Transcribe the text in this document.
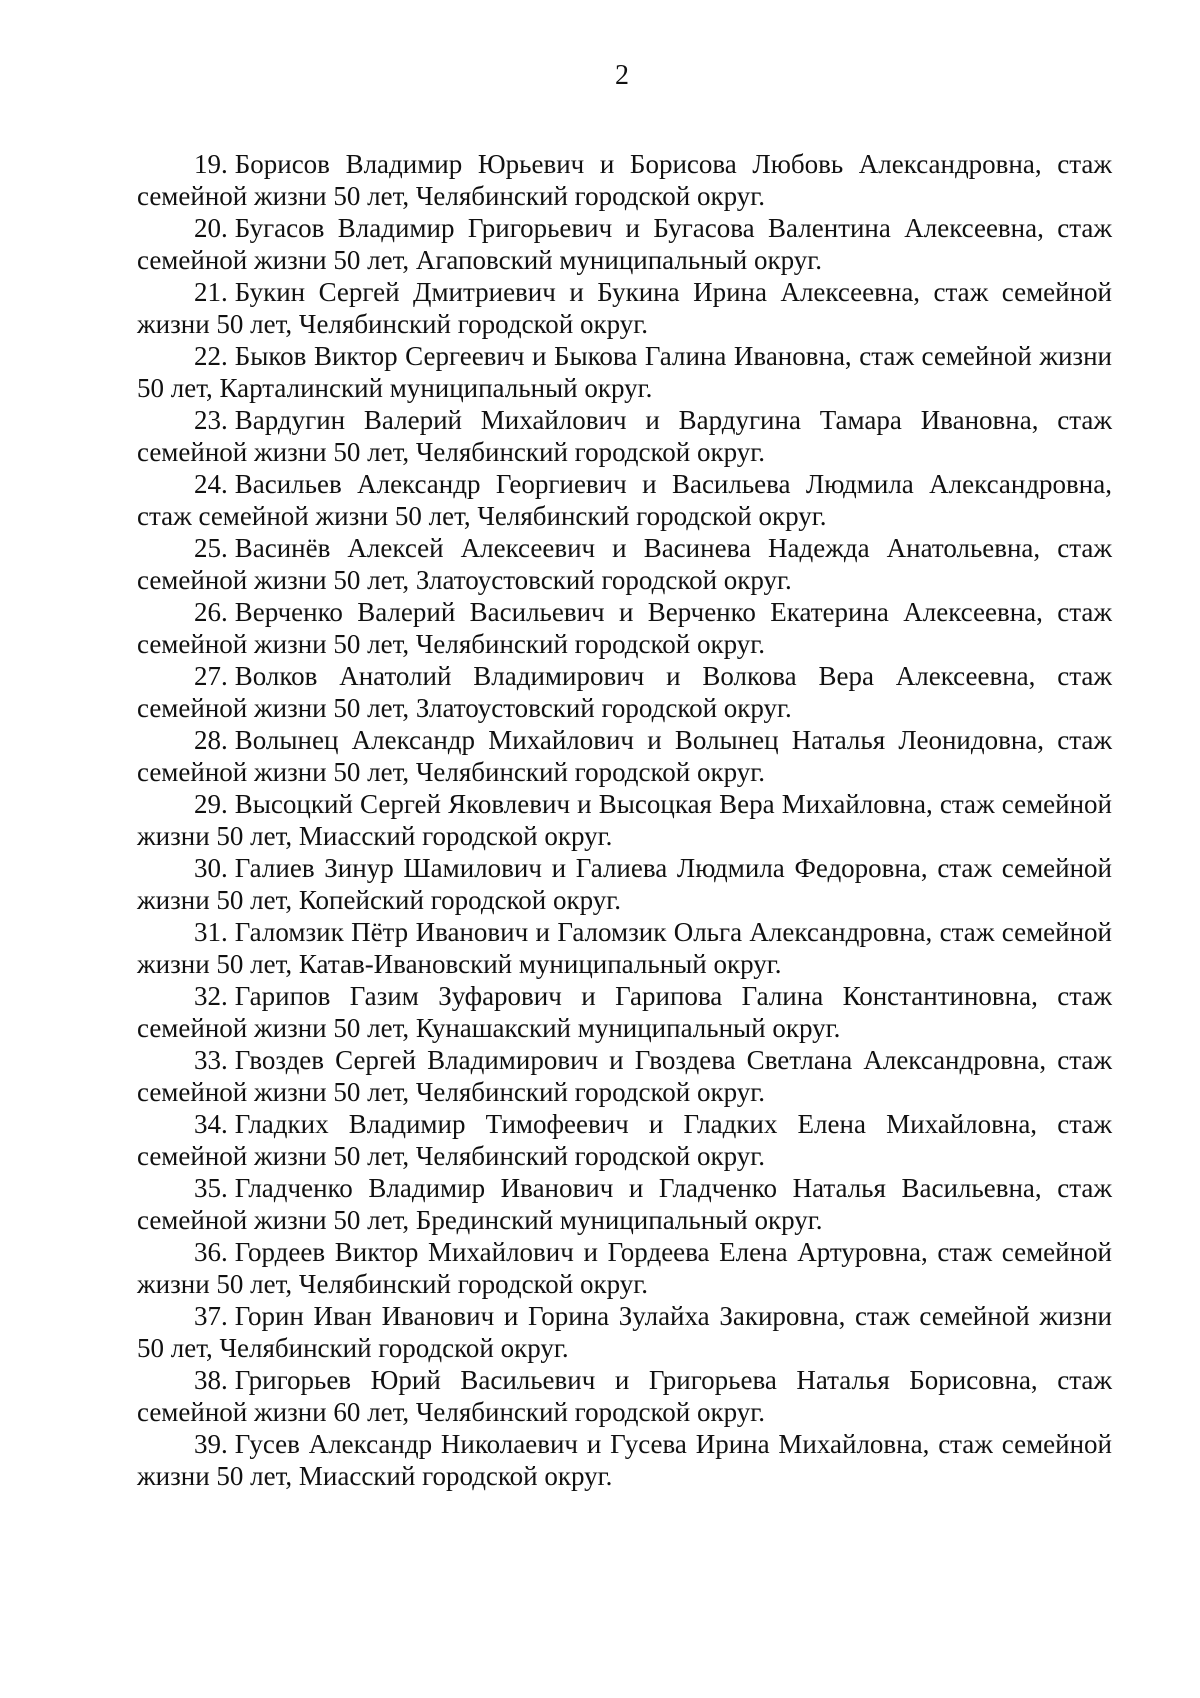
2
19. Борисов Владимир Юрьевич и Борисова Любовь Александровна, стаж семейной жизни 50 лет, Челябинский городской округ.
20. Бугасов Владимир Григорьевич и Бугасова Валентина Алексеевна, стаж семейной жизни 50 лет, Агаповский муниципальный округ.
21. Букин Сергей Дмитриевич и Букина Ирина Алексеевна, стаж семейной жизни 50 лет, Челябинский городской округ.
22. Быков Виктор Сергеевич и Быкова Галина Ивановна, стаж семейной жизни 50 лет, Карталинский муниципальный округ.
23. Вардугин Валерий Михайлович и Вардугина Тамара Ивановна, стаж семейной жизни 50 лет, Челябинский городской округ.
24. Васильев Александр Георгиевич и Васильева Людмила Александровна, стаж семейной жизни 50 лет, Челябинский городской округ.
25. Васинёв Алексей Алексеевич и Васинева Надежда Анатольевна, стаж семейной жизни 50 лет, Златоустовский городской округ.
26. Верченко Валерий Васильевич и Верченко Екатерина Алексеевна, стаж семейной жизни 50 лет, Челябинский городской округ.
27. Волков Анатолий Владимирович и Волкова Вера Алексеевна, стаж семейной жизни 50 лет, Златоустовский городской округ.
28. Волынец Александр Михайлович и Волынец Наталья Леонидовна, стаж семейной жизни 50 лет, Челябинский городской округ.
29. Высоцкий Сергей Яковлевич и Высоцкая Вера Михайловна, стаж семейной жизни 50 лет, Миасский городской округ.
30. Галиев Зинур Шамилович и Галиева Людмила Федоровна, стаж семейной жизни 50 лет, Копейский городской округ.
31. Галомзик Пётр Иванович и Галомзик Ольга Александровна, стаж семейной жизни 50 лет, Катав-Ивановский муниципальный округ.
32. Гарипов Газим Зуфарович и Гарипова Галина Константиновна, стаж семейной жизни 50 лет, Кунашакский муниципальный округ.
33. Гвоздев Сергей Владимирович и Гвоздева Светлана Александровна, стаж семейной жизни 50 лет, Челябинский городской округ.
34. Гладких Владимир Тимофеевич и Гладких Елена Михайловна, стаж семейной жизни 50 лет, Челябинский городской округ.
35. Гладченко Владимир Иванович и Гладченко Наталья Васильевна, стаж семейной жизни 50 лет, Брединский муниципальный округ.
36. Гордеев Виктор Михайлович и Гордеева Елена Артуровна, стаж семейной жизни 50 лет, Челябинский городской округ.
37. Горин Иван Иванович и Горина Зулайха Закировна, стаж семейной жизни 50 лет, Челябинский городской округ.
38. Григорьев Юрий Васильевич и Григорьева Наталья Борисовна, стаж семейной жизни 60 лет, Челябинский городской округ.
39. Гусев Александр Николаевич и Гусева Ирина Михайловна, стаж семейной жизни 50 лет, Миасский городской округ.
